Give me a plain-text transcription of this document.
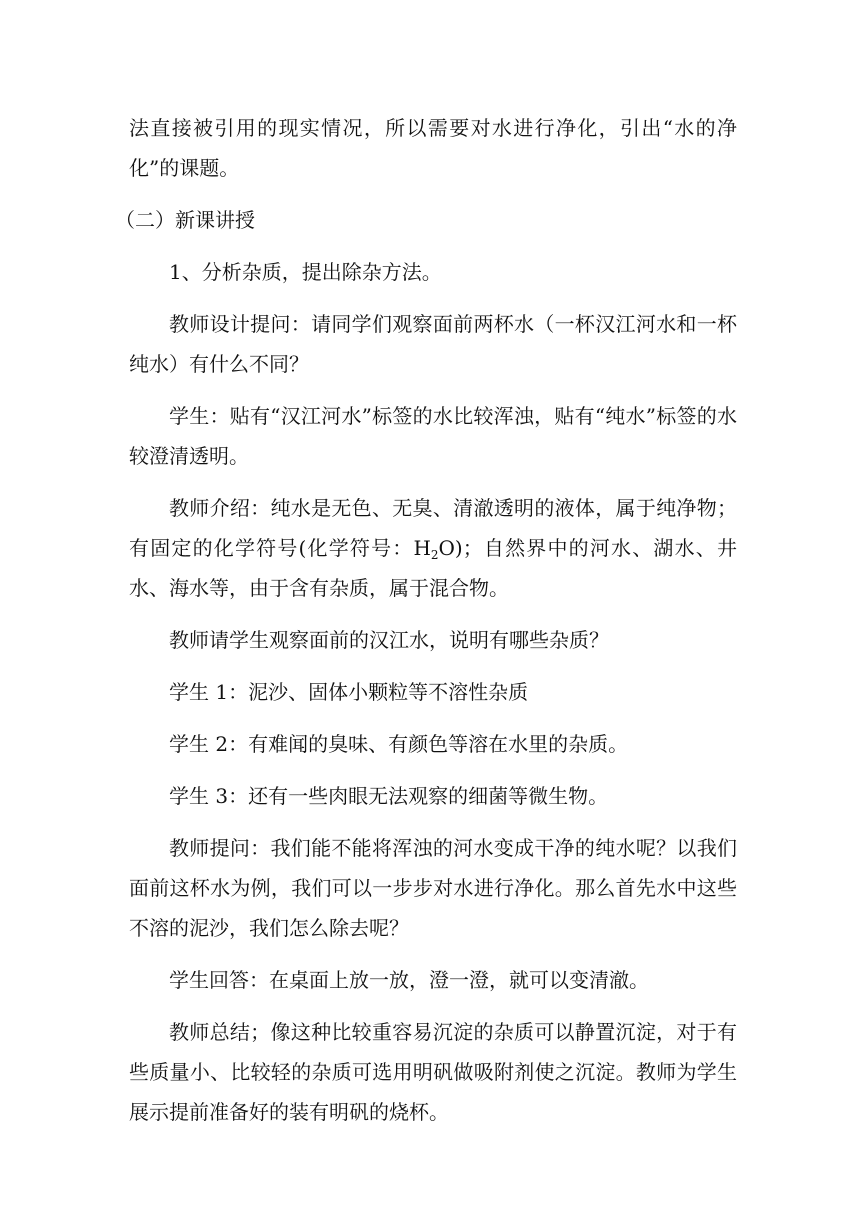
法直接被引用的现实情况，所以需要对水进行净化，引出“水的净化”的课题。

（二）新课讲授

1、分析杂质，提出除杂方法。

教师设计提问：请同学们观察面前两杯水（一杯汉江河水和一杯纯水）有什么不同？

学生：贴有“汉江河水”标签的水比较浑浊，贴有“纯水”标签的水较澄清透明。

教师介绍：纯水是无色、无臭、清澈透明的液体，属于纯净物；有固定的化学符号(化学符号：$H_2O$)；自然界中的河水、湖水、井水、海水等，由于含有杂质，属于混合物。

教师请学生观察面前的汉江水，说明有哪些杂质？

学生 1：泥沙、固体小颗粒等不溶性杂质

学生 2：有难闻的臭味、有颜色等溶在水里的杂质。

学生 3：还有一些肉眼无法观察的细菌等微生物。

教师提问：我们能不能将浑浊的河水变成干净的纯水呢？以我们面前这杯水为例，我们可以一步步对水进行净化。那么首先水中这些不溶的泥沙，我们怎么除去呢？

学生回答：在桌面上放一放，澄一澄，就可以变清澈。

教师总结；像这种比较重容易沉淀的杂质可以静置沉淀，对于有些质量小、比较轻的杂质可选用明矾做吸附剂使之沉淀。教师为学生展示提前准备好的装有明矾的烧杯。
